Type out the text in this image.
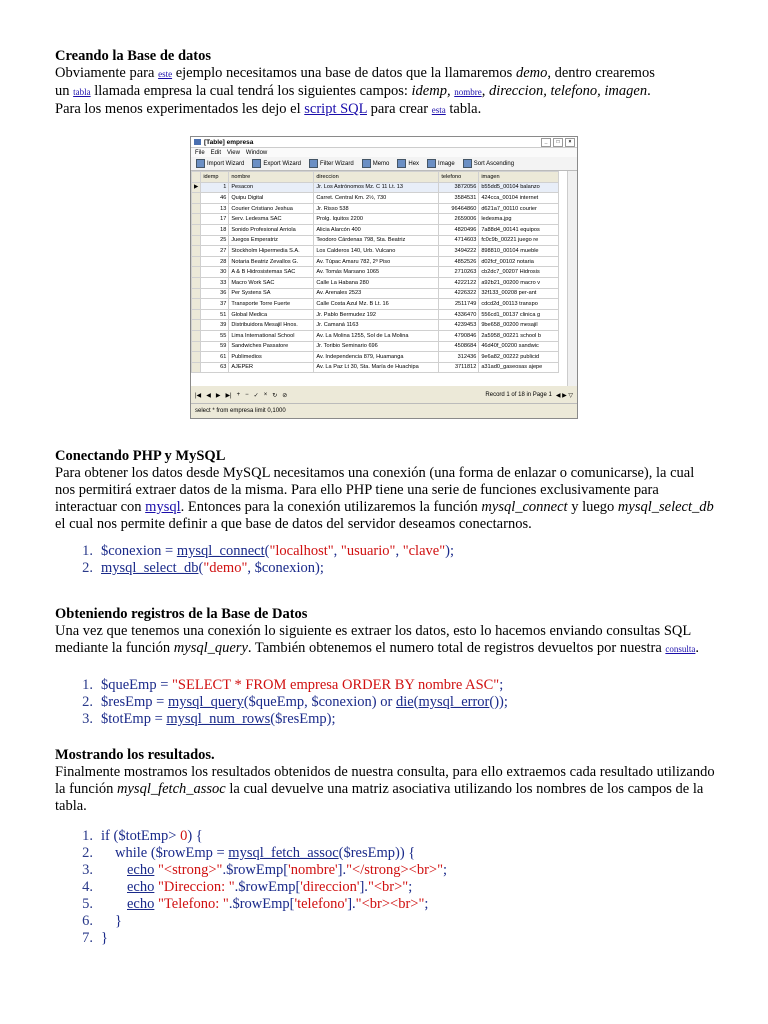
Creando la Base de datos

Obviamente para este ejemplo necesitamos una base de datos que la llamaremos demo, dentro crearemos
un tabla llamada empresa la cual tendrá los siguientes campos: idemp, nombre, direccion, telefono, imagen.
Para los menos experimentados les dejo el script SQL para crear esta tabla.

Conectando PHP y MySQL

Para obtener los datos desde MySQL necesitamos una conexión (una forma de enlazar o comunicarse), la cual nos permitirá extraer datos de la misma. Para ello PHP tiene una serie de funciones exclusivamente para interactuar con mysql. Entonces para la conexión utilizaremos la función mysql_connect y luego mysql_select_db el cual nos permite definir a que base de datos del servidor deseamos conectarnos.

1. $conexion = mysql_connect("localhost", "usuario", "clave");
2. mysql_select_db("demo", $conexion);
Obteniendo registros de la Base de Datos

Una vez que tenemos una conexión lo siguiente es extraer los datos, esto lo hacemos enviando consultas SQL mediante la función mysql_query. También obtenemos el numero total de registros devueltos por nuestra consulta.

1. $queEmp = "SELECT * FROM empresa ORDER BY nombre ASC";
2. $resEmp = mysql_query($queEmp, $conexion) or die(mysql_error());
3. $totEmp = mysql_num_rows($resEmp);
Mostrando los resultados.

Finalmente mostramos los resultados obtenidos de nuestra consulta, para ello extraemos cada resultado utilizando la función mysql_fetch_assoc la cual devuelve una matriz asociativa utilizando los nombres de los campos de la tabla.

1. if ($totEmp> 0) {
2. while ($rowEmp = mysql_fetch_assoc($resEmp)) {
3. echo "<strong>".$rowEmp['nombre']."</strong><br>";
4. echo "Direccion: ".$rowEmp['direccion']."<br>";
5. echo "Telefono: ".$rowEmp['telefono']."<br><br>";
6. }
7. }
[Table] empresa	_	□	×
File Edit View Window
Import Wizard	Export Wizard	Filter Wizard	Memo	Hex	Image	Sort Ascending
	idemp	nombre	direccion	telefono	imagen
▶	1	Pesacon	Jr. Los Astrónomos Mz. C 11 Lt. 13	3872056	b55dd5_00104 balanzo
	46	Quipu Digital	Carret. Central Km. 2½, 730	3584531	424cca_00104 internet
	13	Courier Cristiano Jeshua	Jr. Risso 538	96464860	d621a7_00110 courier
	17	Serv. Ledesma SAC	Prolg. Iquitos 2200	2659006	ledesma.jpg
	18	Sonido Profesional Arriola	Alicia Alarcón 400	4820496	7a88d4_00141 equipos
	25	Juegos Emperatriz	Teodoro Cárdenas 798, Sta. Beatriz	4714603	fc0c9b_00221 juego re
	27	Stockholm Hipermedia S.A.	Los Calderos 140, Urb. Vulcano	3494222	898810_00104 mueble
	28	Notaria Beatriz Zevallos G.	Av. Túpac Amaru 782, 2º Piso	4852526	d02fcf_00102 notaria
	30	A & B Hidrosistemas SAC	Av. Tomás Marsano 1065	2710263	cb2dc7_00207 Hidrosis
	33	Macro Work SAC	Calle La Habana 280	4222122	a92b21_00200 macro v
	36	Per Systens SA	Av. Arenales 2523	4226322	32f133_00208 per-ant
	37	Transporte Torre Fuerte	Calle Costa Azul Mz. B Lt. 16	2511749	cdcd2d_00113 transpo
	51	Global Medica	Jr. Pablo Bermudez 192	4336470	556cd1_00137 clinica g
	39	Distribuidora Mesajil Hnos.	Jr. Camaná 1163	4239453	9be658_00200 mesajil
	55	Lima International School	Av. La Molina 1255, Sol de La Molina	4790846	2a5958_00221 school b
	59	Sandwiches Passatore	Jr. Toribio Seminario 696	4508684	46d40f_00200 sandwic
	61	Publimedios	Av. Independencia 879, Huamanga	312436	9e6a82_00222 publicid
	63	AJEPER	Av. La Paz Lt 30, Sta. María de Huachipa	3711812	a31ad0_gaseosas ajepe
|◀ ◀ ▶ ▶| + − ✓ × ↻ ⊘	Record 1 of 18 in Page 1 ◀ ▶ ▽
select * from empresa limit 0,1000
